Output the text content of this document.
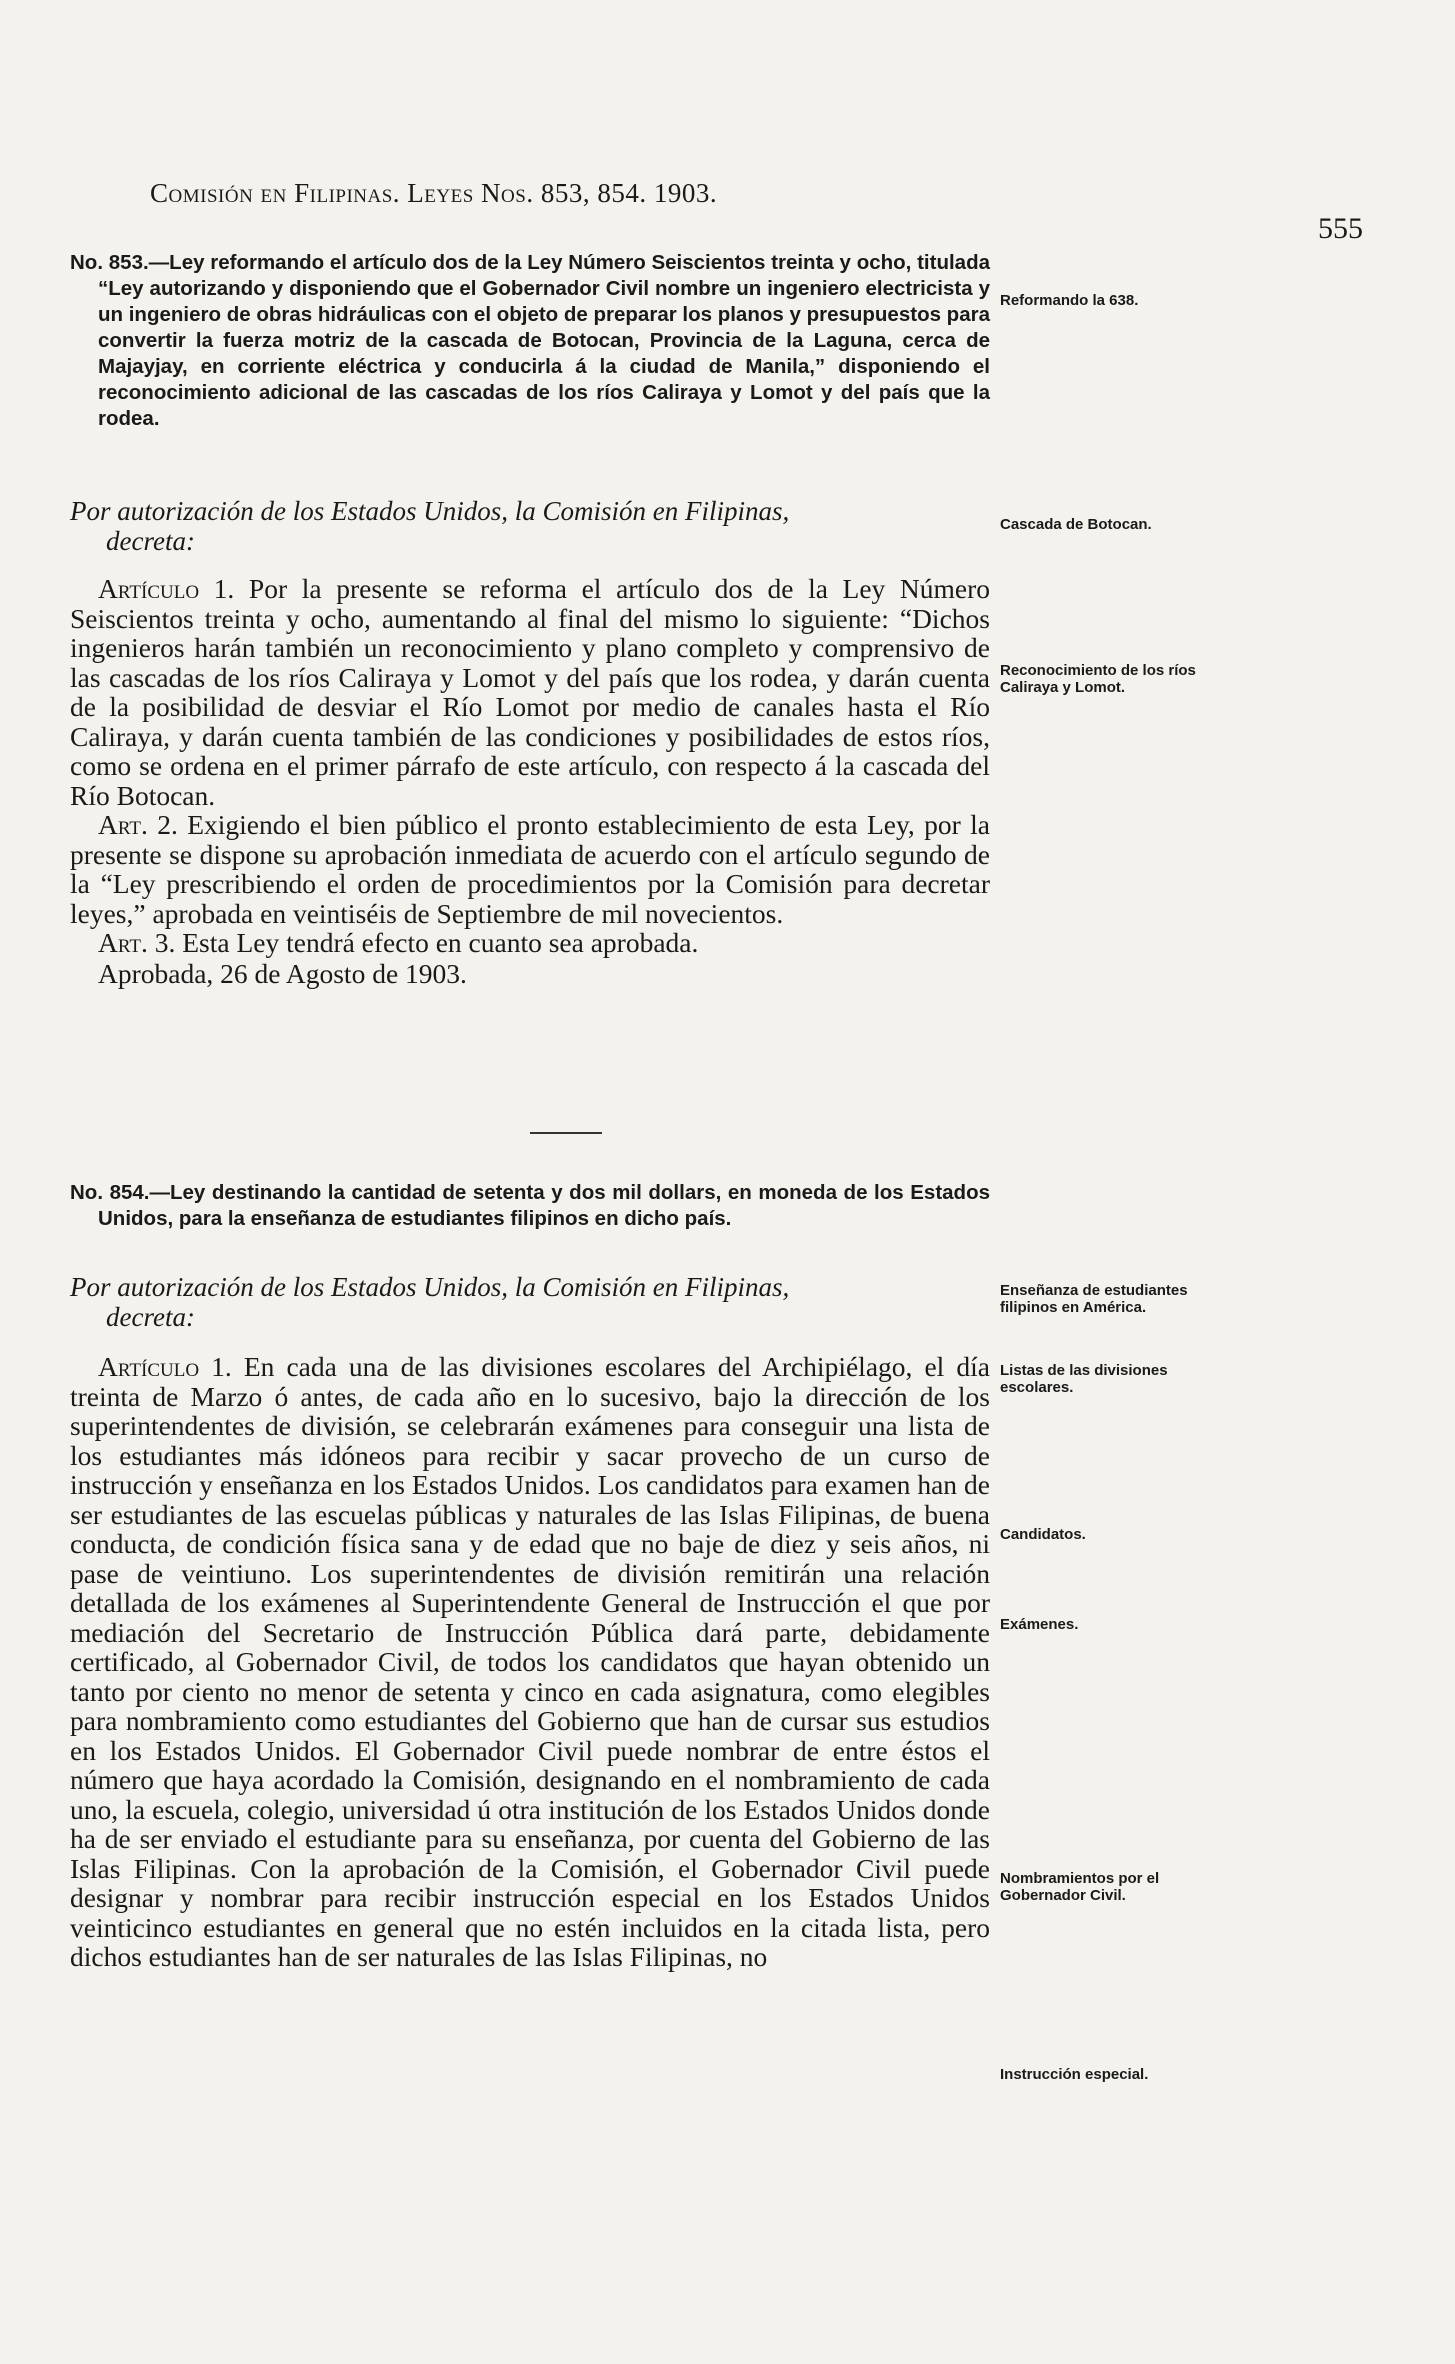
Comisión en Filipinas. Leyes Nos. 853, 854. 1903.
555

No. 853.—Ley reformando el artículo dos de la Ley Número Seiscientos treinta y ocho, titulada “Ley autorizando y disponiendo que el Gobernador Civil nombre un ingeniero electricista y un ingeniero de obras hidráulicas con el objeto de preparar los planos y presupuestos para convertir la fuerza motriz de la cascada de Botocan, Provincia de la Laguna, cerca de Majayjay, en corriente eléctrica y conducirla á la ciudad de Manila,” disponiendo el reconocimiento adicional de las cascadas de los ríos Caliraya y Lomot y del país que la rodea.

Por autorización de los Estados Unidos, la Comisión en Filipinas,
decreta:

Artículo 1. Por la presente se reforma el artículo dos de la Ley Número Seiscientos treinta y ocho, aumentando al final del mismo lo siguiente: “Dichos ingenieros harán también un reconocimiento y plano completo y comprensivo de las cascadas de los ríos Caliraya y Lomot y del país que los rodea, y darán cuenta de la posibilidad de desviar el Río Lomot por medio de canales hasta el Río Caliraya, y darán cuenta también de las condiciones y posibilidades de estos ríos, como se ordena en el primer párrafo de este artículo, con respecto á la cascada del Río Botocan.

Art. 2. Exigiendo el bien público el pronto establecimiento de esta Ley, por la presente se dispone su aprobación inmediata de acuerdo con el artículo segundo de la “Ley prescribiendo el orden de procedimientos por la Comisión para decretar leyes,” aprobada en veintiséis de Septiembre de mil novecientos.

Art. 3. Esta Ley tendrá efecto en cuanto sea aprobada.

Aprobada, 26 de Agosto de 1903.

No. 854.—Ley destinando la cantidad de setenta y dos mil dollars, en moneda de los Estados Unidos, para la enseñanza de estudiantes filipinos en dicho país.

Por autorización de los Estados Unidos, la Comisión en Filipinas,
decreta:

Artículo 1. En cada una de las divisiones escolares del Archipiélago, el día treinta de Marzo ó antes, de cada año en lo sucesivo, bajo la dirección de los superintendentes de división, se celebrarán exámenes para conseguir una lista de los estudiantes más idóneos para recibir y sacar provecho de un curso de instrucción y enseñanza en los Estados Unidos. Los candidatos para examen han de ser estudiantes de las escuelas públicas y naturales de las Islas Filipinas, de buena conducta, de condición física sana y de edad que no baje de diez y seis años, ni pase de veintiuno. Los superintendentes de división remitirán una relación detallada de los exámenes al Superintendente General de Instrucción el que por mediación del Secretario de Instrucción Pública dará parte, debidamente certificado, al Gobernador Civil, de todos los candidatos que hayan obtenido un tanto por ciento no menor de setenta y cinco en cada asignatura, como elegibles para nombramiento como estudiantes del Gobierno que han de cursar sus estudios en los Estados Unidos. El Gobernador Civil puede nombrar de entre éstos el número que haya acordado la Comisión, designando en el nombramiento de cada uno, la escuela, colegio, universidad ú otra institución de los Estados Unidos donde ha de ser enviado el estudiante para su enseñanza, por cuenta del Gobierno de las Islas Filipinas. Con la aprobación de la Comisión, el Gobernador Civil puede designar y nombrar para recibir instrucción especial en los Estados Unidos veinticinco estudiantes en general que no estén incluidos en la citada lista, pero dichos estudiantes han de ser naturales de las Islas Filipinas, no

Reformando la 638.
Cascada de Botocan.
Reconocimiento de los ríos Caliraya y Lomot.
Enseñanza de estudiantes filipinos en América.
Listas de las divisiones escolares.
Candidatos.
Exámenes.
Nombramientos por el Gobernador Civil.
Instrucción especial.
